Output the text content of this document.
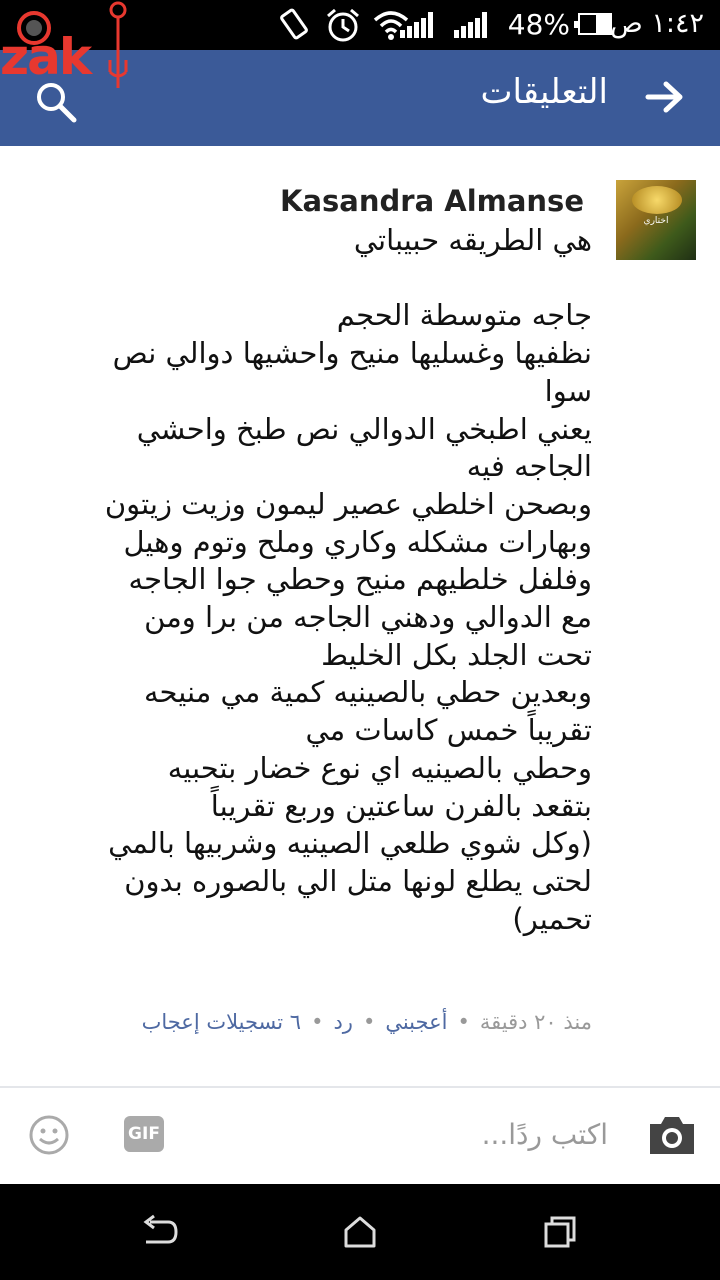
١:٤٢ ص
48%
التعليقات
zak
اختاري
Kasandra Almanse
هي الطريقه حبيباتي

جاجه متوسطة الحجم
نظفيها وغسليها منيح واحشيها دوالي نص
سوا
يعني اطبخي الدوالي نص طبخ واحشي
الجاجه فيه
وبصحن اخلطي عصير ليمون وزيت زيتون
وبهارات مشكله وكاري وملح وتوم وهيل
وفلفل خلطيهم منيح وحطي جوا الجاجه
مع الدوالي ودهني الجاجه من برا ومن
تحت الجلد بكل الخليط
وبعدين حطي بالصينيه كمية مي منيحه
تقريباً خمس كاسات مي
وحطي بالصينيه اي نوع خضار بتحبيه
بتقعد بالفرن ساعتين وربع تقريباً
(وكل شوي طلعي الصينيه وشربيها بالمي
لحتى يطلع لونها متل الي بالصوره بدون
تحمير)
منذ ٢٠ دقيقة•أعجبني•رد•٦ تسجيلات إعجاب
اكتب ردًا...
GIF
